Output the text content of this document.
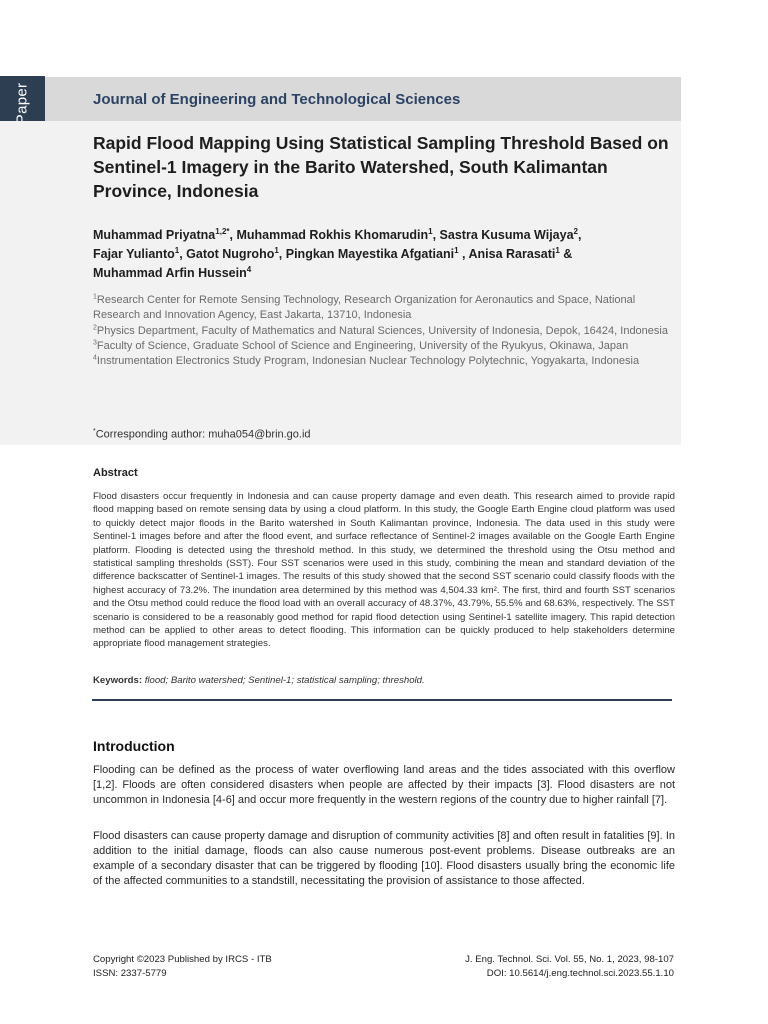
Journal of Engineering and Technological Sciences
Rapid Flood Mapping Using Statistical Sampling Threshold Based on Sentinel-1 Imagery in the Barito Watershed, South Kalimantan Province, Indonesia

Muhammad Priyatna$^{1,2*}$, Muhammad Rokhis Khomarudin$^1$, Sastra Kusuma Wijaya$^2$,
Fajar Yulianto$^1$, Gatot Nugroho$^1$, Pingkan Mayestika Afgatiani$^1$ , Anisa Rarasati$^1$ &
Muhammad Arfin Hussein$^4$

$^1$Research Center for Remote Sensing Technology, Research Organization for Aeronautics and Space, National Research and Innovation Agency, East Jakarta, 13710, Indonesia
$^2$Physics Department, Faculty of Mathematics and Natural Sciences, University of Indonesia, Depok, 16424, Indonesia
$^3$Faculty of Science, Graduate School of Science and Engineering, University of the Ryukyus, Okinawa, Japan
$^4$Instrumentation Electronics Study Program, Indonesian Nuclear Technology Polytechnic, Yogyakarta, Indonesia

*Corresponding author: muha054@brin.go.id
Abstract

Flood disasters occur frequently in Indonesia and can cause property damage and even death. This research aimed to provide rapid flood mapping based on remote sensing data by using a cloud platform. In this study, the Google Earth Engine cloud platform was used to quickly detect major floods in the Barito watershed in South Kalimantan province, Indonesia. The data used in this study were Sentinel-1 images before and after the flood event, and surface reflectance of Sentinel-2 images available on the Google Earth Engine platform. Flooding is detected using the threshold method. In this study, we determined the threshold using the Otsu method and statistical sampling thresholds (SST). Four SST scenarios were used in this study, combining the mean and standard deviation of the difference backscatter of Sentinel-1 images. The results of this study showed that the second SST scenario could classify floods with the highest accuracy of 73.2%. The inundation area determined by this method was 4,504.33 km². The first, third and fourth SST scenarios and the Otsu method could reduce the flood load with an overall accuracy of 48.37%, 43.79%, 55.5% and 68.63%, respectively. The SST scenario is considered to be a reasonably good method for rapid flood detection using Sentinel-1 satellite imagery. This rapid detection method can be applied to other areas to detect flooding. This information can be quickly produced to help stakeholders determine appropriate flood management strategies.

Keywords: flood; Barito watershed; Sentinel-1; statistical sampling; threshold.

Introduction

Flooding can be defined as the process of water overflowing land areas and the tides associated with this overflow [1,2]. Floods are often considered disasters when people are affected by their impacts [3]. Flood disasters are not uncommon in Indonesia [4-6] and occur more frequently in the western regions of the country due to higher rainfall [7].

Flood disasters can cause property damage and disruption of community activities [8] and often result in fatalities [9]. In addition to the initial damage, floods can also cause numerous post-event problems. Disease outbreaks are an example of a secondary disaster that can be triggered by flooding [10]. Flood disasters usually bring the economic life of the affected communities to a standstill, necessitating the provision of assistance to those affected.

Copyright ©2023 Published by IRCS - ITB
ISSN: 2337-5779
J. Eng. Technol. Sci. Vol. 55, No. 1, 2023, 98-107
DOI: 10.5614/j.eng.technol.sci.2023.55.1.10
